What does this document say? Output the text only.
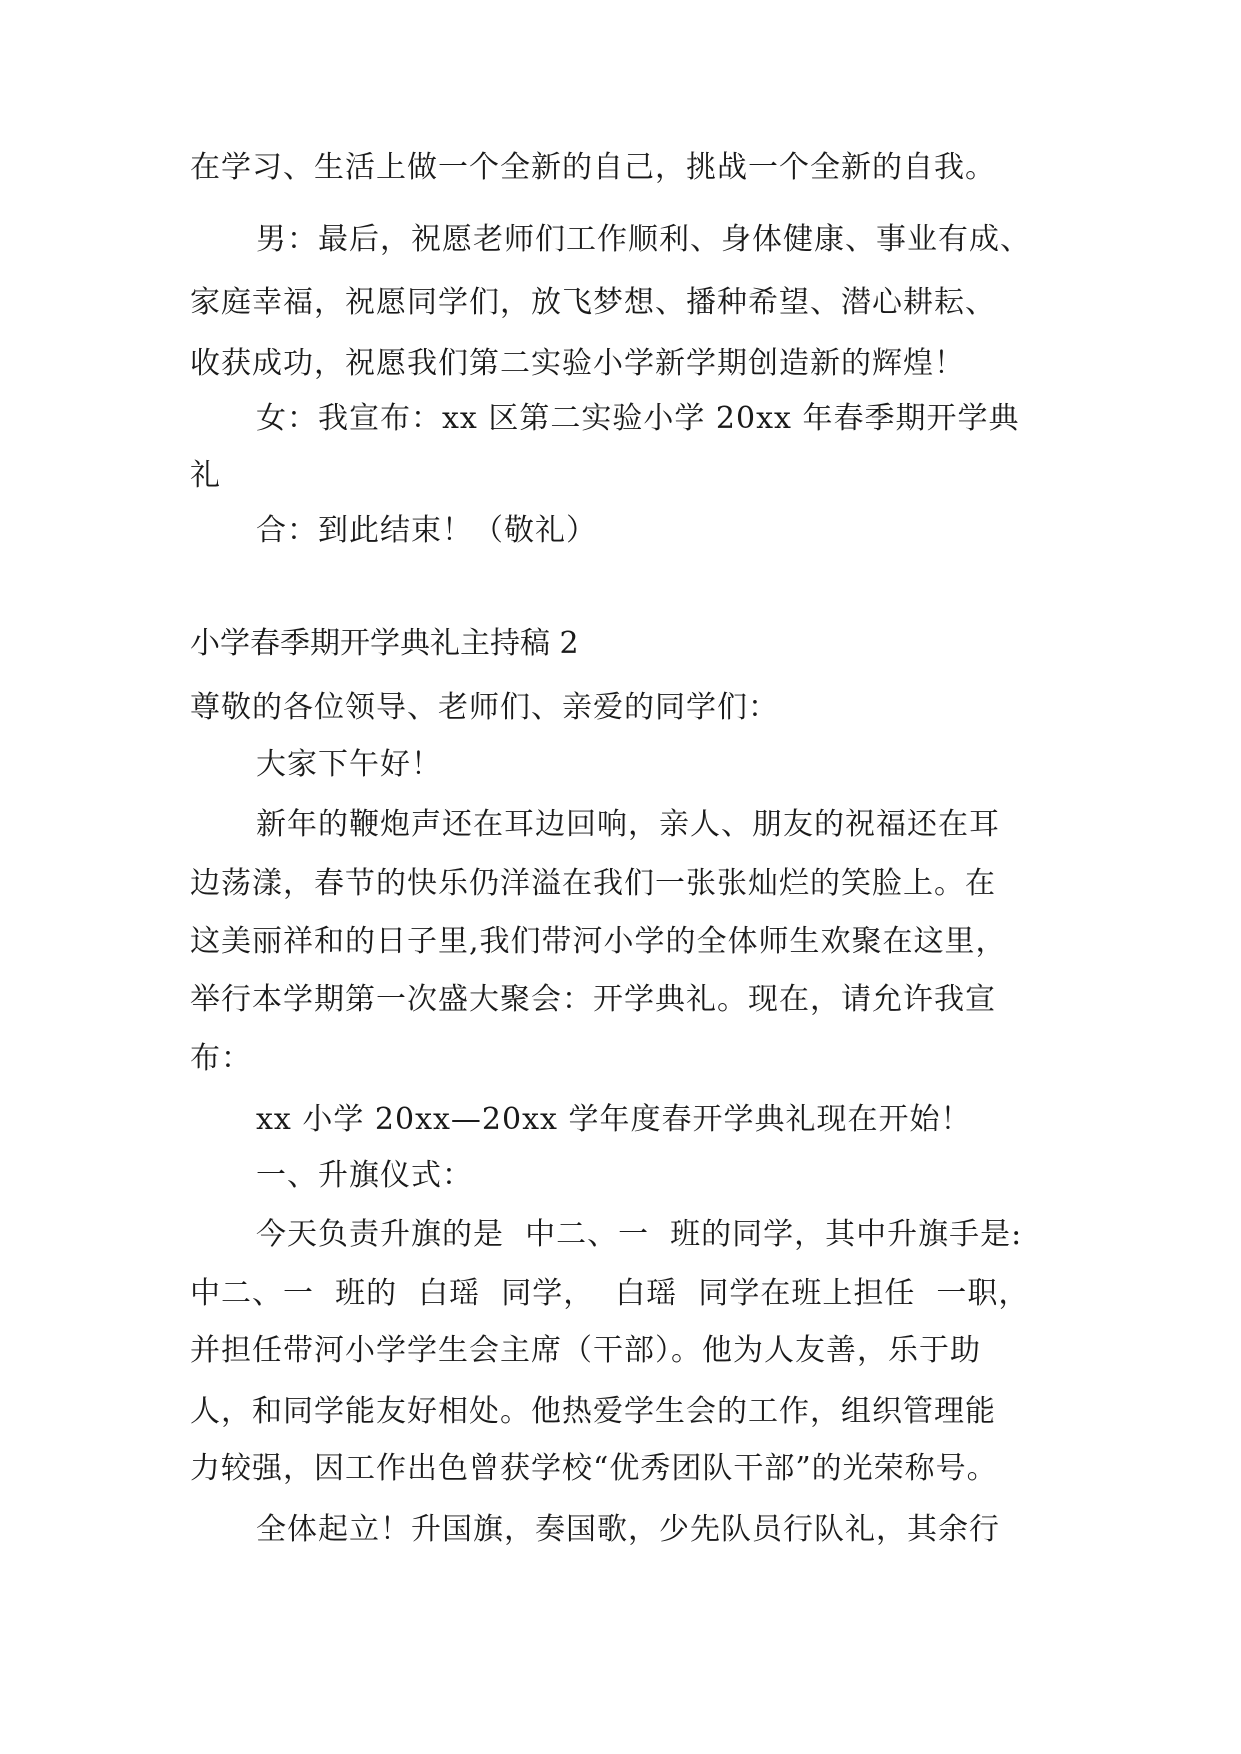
在学习、生活上做一个全新的自己，挑战一个全新的自我。
男：最后，祝愿老师们工作顺利、身体健康、事业有成、
家庭幸福，祝愿同学们，放飞梦想、播种希望、潜心耕耘、
收获成功，祝愿我们第二实验小学新学期创造新的辉煌！
女：我宣布：xx 区第二实验小学 20xx 年春季期开学典
礼
合：到此结束！（敬礼）
小学春季期开学典礼主持稿 2
尊敬的各位领导、老师们、亲爱的同学们：
大家下午好！
新年的鞭炮声还在耳边回响，亲人、朋友的祝福还在耳
边荡漾，春节的快乐仍洋溢在我们一张张灿烂的笑脸上。在
这美丽祥和的日子里,我们带河小学的全体师生欢聚在这里，
举行本学期第一次盛大聚会：开学典礼。现在，请允许我宣
布：
xx 小学 20xx—20xx 学年度春开学典礼现在开始！
一、升旗仪式：
今天负责升旗的是  中二、一  班的同学，其中升旗手是:
中二、一  班的  白瑶  同学，  白瑶  同学在班上担任  一职，
并担任带河小学学生会主席（干部）。他为人友善，乐于助
人，和同学能友好相处。他热爱学生会的工作，组织管理能
力较强，因工作出色曾获学校“优秀团队干部”的光荣称号。
全体起立！升国旗，奏国歌，少先队员行队礼，其余行
